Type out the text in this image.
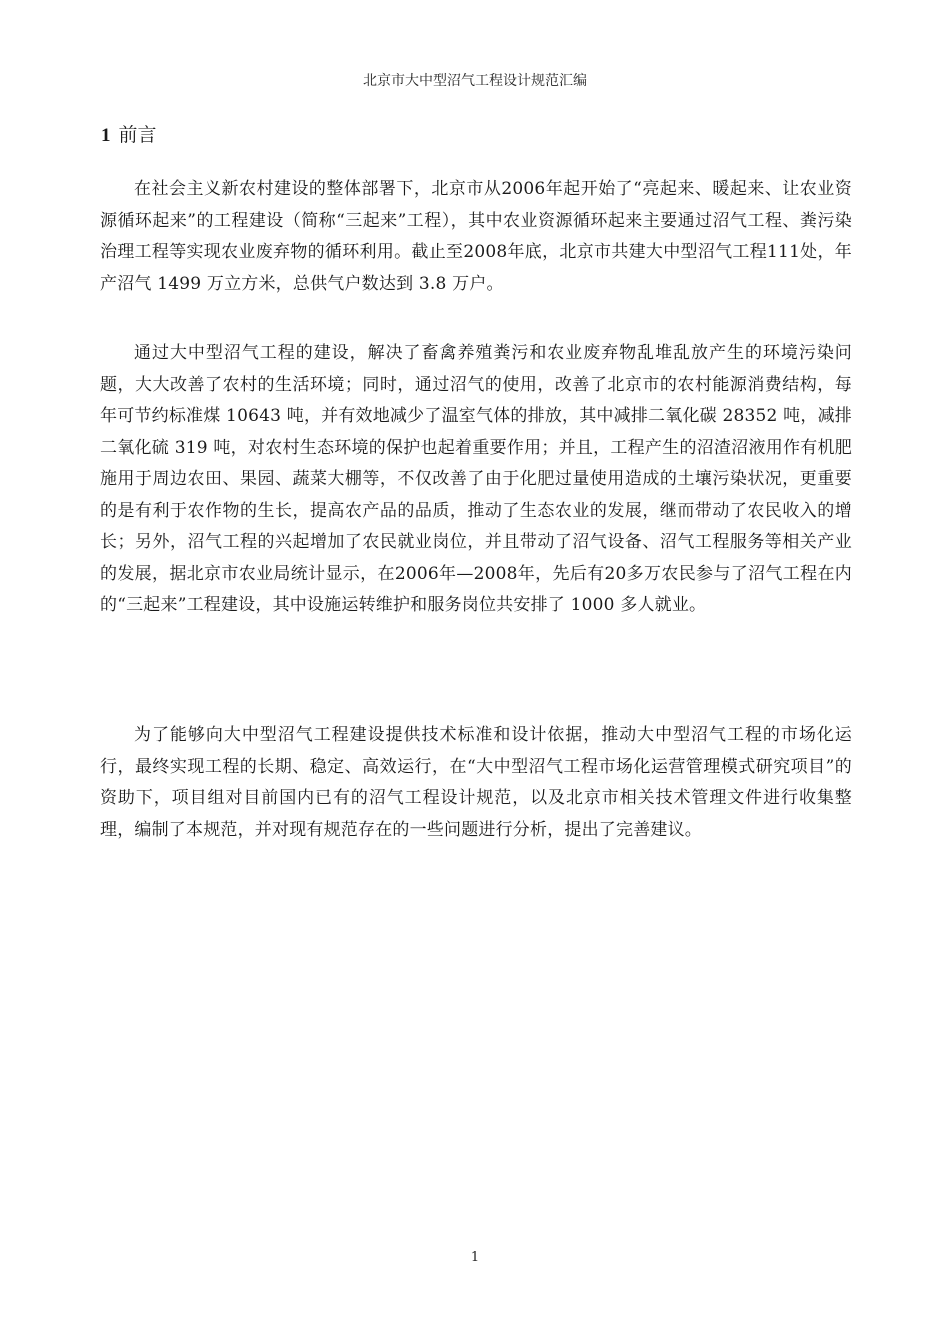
北京市大中型沼气工程设计规范汇编
1 前言

在社会主义新农村建设的整体部署下，北京市从2006年起开始了“亮起来、暖起来、让农业资源循环起来”的工程建设（简称“三起来”工程），其中农业资源循环起来主要通过沼气工程、粪污染治理工程等实现农业废弃物的循环利用。截止至2008年底，北京市共建大中型沼气工程111处，年产沼气 1499 万立方米，总供气户数达到 3.8 万户。

通过大中型沼气工程的建设，解决了畜禽养殖粪污和农业废弃物乱堆乱放产生的环境污染问题，大大改善了农村的生活环境；同时，通过沼气的使用，改善了北京市的农村能源消费结构，每年可节约标准煤 10643 吨，并有效地减少了温室气体的排放，其中减排二氧化碳 28352 吨，减排二氧化硫 319 吨，对农村生态环境的保护也起着重要作用；并且，工程产生的沼渣沼液用作有机肥施用于周边农田、果园、蔬菜大棚等，不仅改善了由于化肥过量使用造成的土壤污染状况，更重要的是有利于农作物的生长，提高农产品的品质，推动了生态农业的发展，继而带动了农民收入的增长；另外，沼气工程的兴起增加了农民就业岗位，并且带动了沼气设备、沼气工程服务等相关产业的发展，据北京市农业局统计显示，在2006年—2008年，先后有20多万农民参与了沼气工程在内的“三起来”工程建设，其中设施运转维护和服务岗位共安排了 1000 多人就业。

为了能够向大中型沼气工程建设提供技术标准和设计依据，推动大中型沼气工程的市场化运行，最终实现工程的长期、稳定、高效运行，在“大中型沼气工程市场化运营管理模式研究项目”的资助下，项目组对目前国内已有的沼气工程设计规范，以及北京市相关技术管理文件进行收集整理，编制了本规范，并对现有规范存在的一些问题进行分析，提出了完善建议。

1
